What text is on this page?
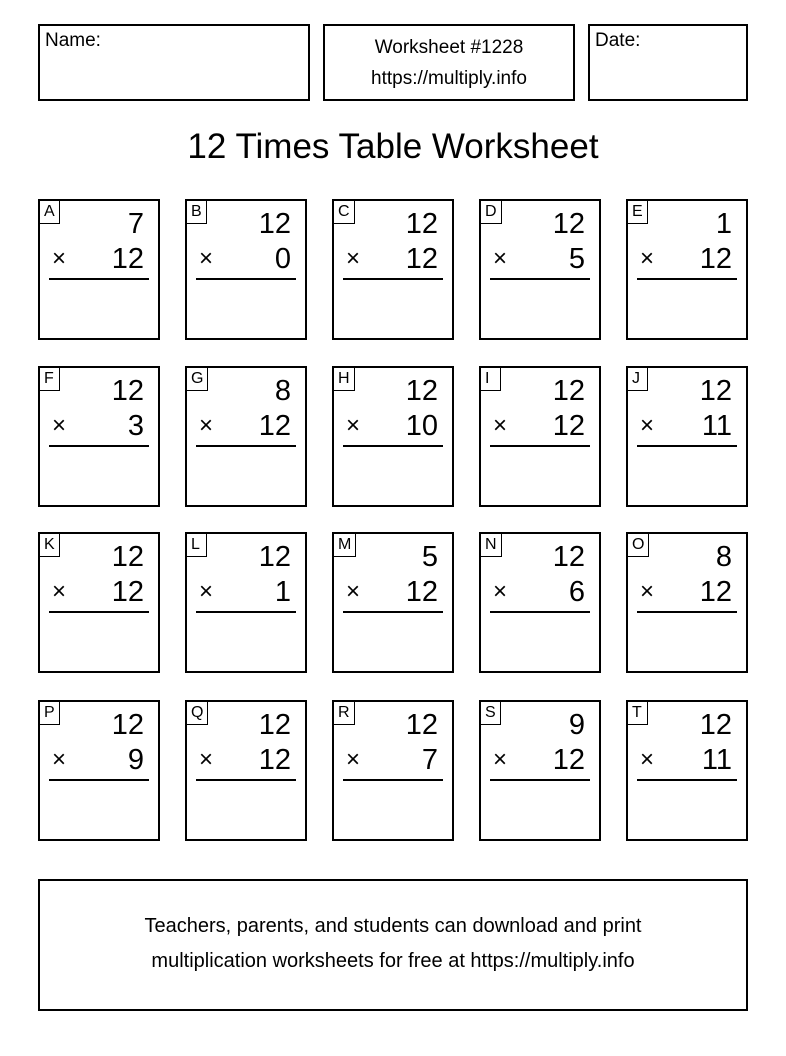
Name:	Worksheet #1228
https://multiply.info
Date:
12 Times Table Worksheet
A	7
× 12
B 12
× 0
C 12
× 12
D 12
× 5
E	1
× 12
F 12
× 3
G 8
× 12
H 12
× 10
I	12
× 12
J 12
× 11
K 12
× 12
L 12
× 1
M 5
× 12
N 12
× 6
O 8
× 12
P 12
× 9
Q 12
× 12
R 12
× 7
S	9
× 12
T 12
× 11
Teachers, parents, and students can download and print
multiplication worksheets for free at https://multiply.info
